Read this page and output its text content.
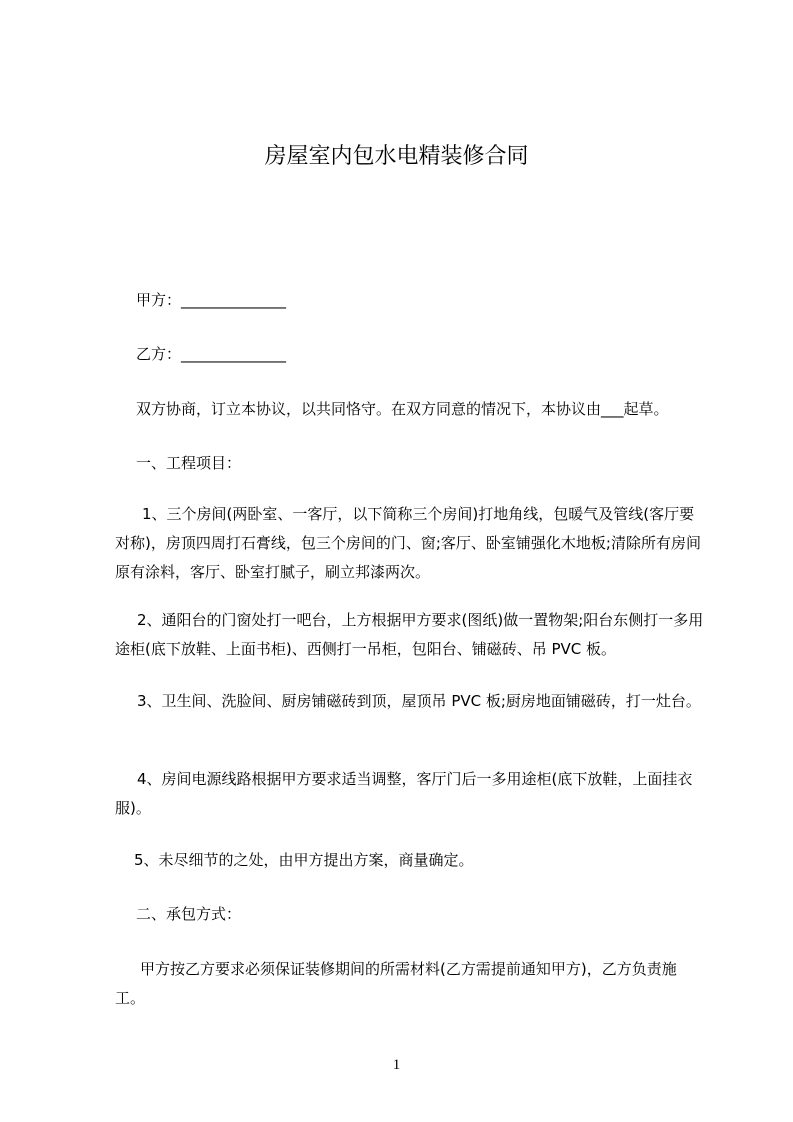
房屋室内包水电精装修合同

甲方：______________

乙方：______________

双方协商，订立本协议，以共同恪守。在双方同意的情况下，本协议由___起草。

一、工程项目：

1、三个房间(两卧室、一客厅，以下简称三个房间)打地角线，包暖气及管线(客厅要对称)，房顶四周打石膏线，包三个房间的门、窗;客厅、卧室铺强化木地板;清除所有房间原有涂料，客厅、卧室打腻子，刷立邦漆两次。

2、通阳台的门窗处打一吧台，上方根据甲方要求(图纸)做一置物架;阳台东侧打一多用途柜(底下放鞋、上面书柜)、西侧打一吊柜，包阳台、铺磁砖、吊 PVC 板。

3、卫生间、洗脸间、厨房铺磁砖到顶，屋顶吊 PVC 板;厨房地面铺磁砖，打一灶台。

4、房间电源线路根据甲方要求适当调整，客厅门后一多用途柜(底下放鞋，上面挂衣服)。

5、未尽细节的之处，由甲方提出方案，商量确定。

二、承包方式：

甲方按乙方要求必须保证装修期间的所需材料(乙方需提前通知甲方)，乙方负责施工。

1
